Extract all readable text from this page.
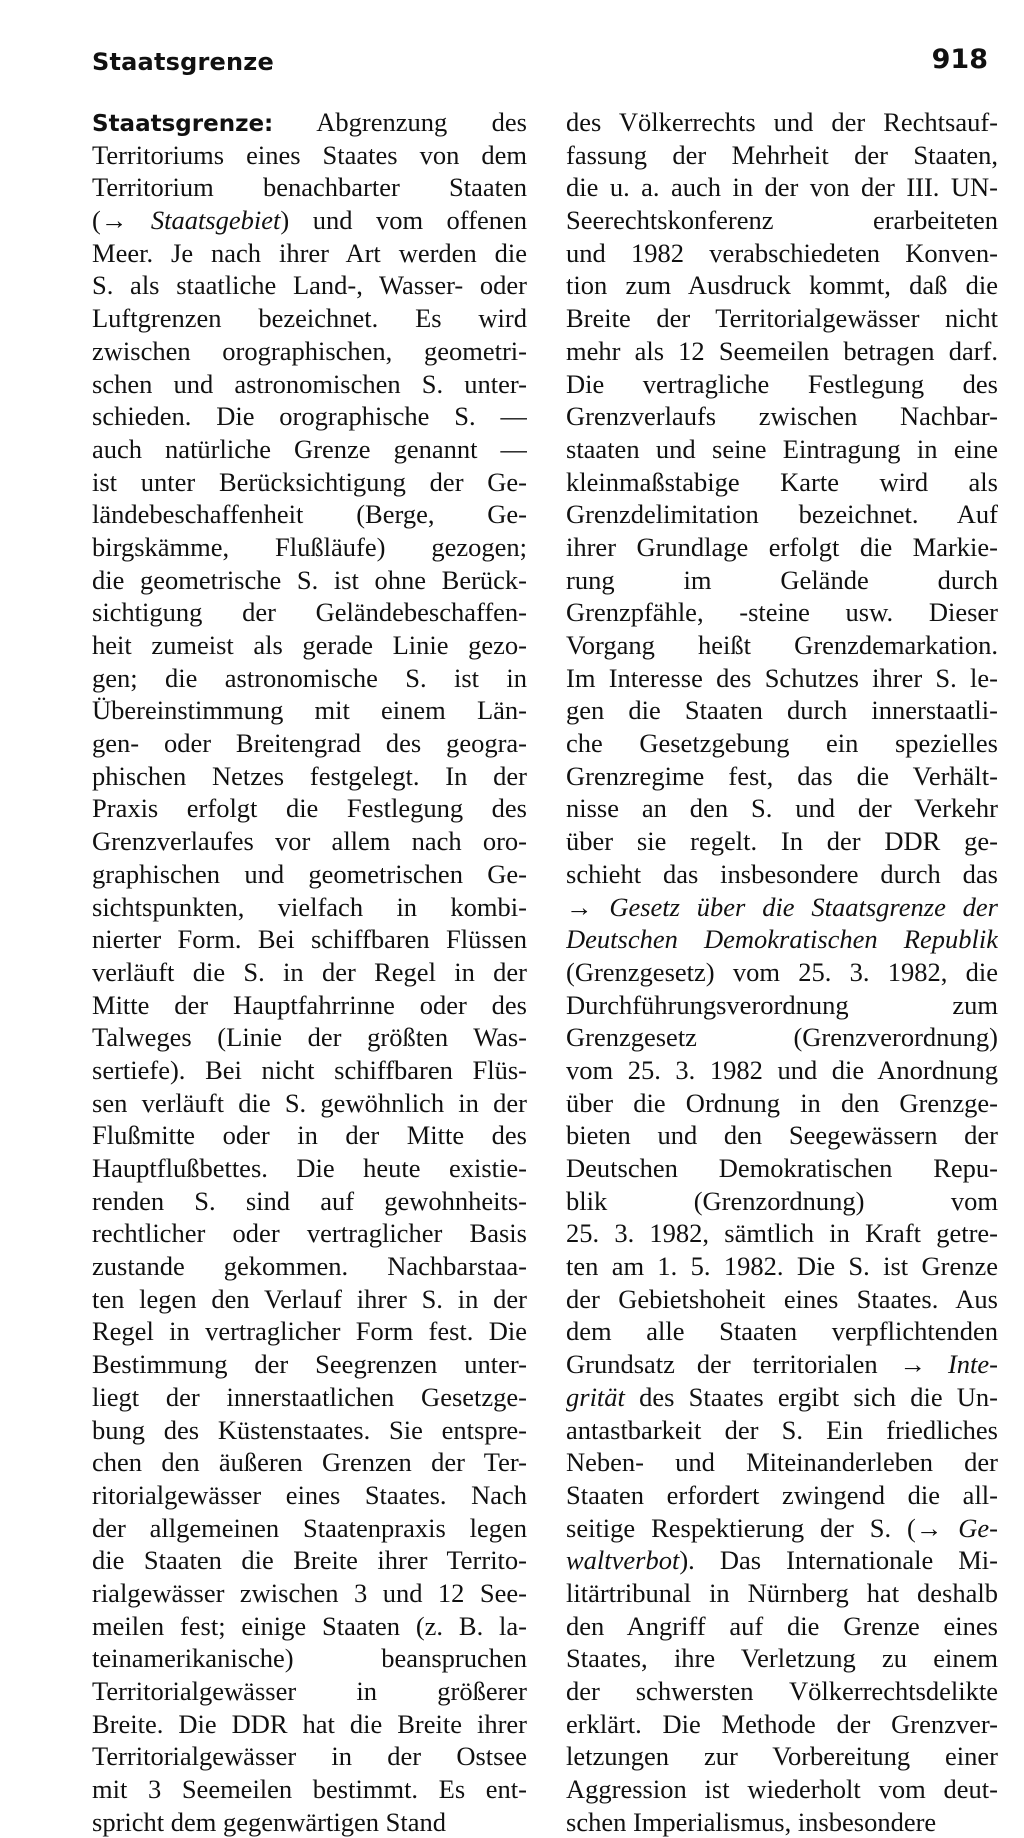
Staatsgrenze	918
Staatsgrenze: Abgrenzung des
Territoriums eines Staates von dem
Territorium benachbarter Staaten
(→ Staatsgebiet) und vom offenen
Meer. Je nach ihrer Art werden die
S. als staatliche Land-, Wasser- oder
Luftgrenzen bezeichnet. Es wird
zwischen orographischen, geometri-
schen und astronomischen S. unter-
schieden. Die orographische S. —
auch natürliche Grenze genannt —
ist unter Berücksichtigung der Ge-
ländebeschaffenheit (Berge, Ge-
birgskämme, Flußläufe) gezogen;
die geometrische S. ist ohne Berück-
sichtigung der Geländebeschaffen-
heit zumeist als gerade Linie gezo-
gen; die astronomische S. ist in
Übereinstimmung mit einem Län-
gen- oder Breitengrad des geogra-
phischen Netzes festgelegt. In der
Praxis erfolgt die Festlegung des
Grenzverlaufes vor allem nach oro-
graphischen und geometrischen Ge-
sichtspunkten, vielfach in kombi-
nierter Form. Bei schiffbaren Flüssen
verläuft die S. in der Regel in der
Mitte der Hauptfahrrinne oder des
Talweges (Linie der größten Was-
sertiefe). Bei nicht schiffbaren Flüs-
sen verläuft die S. gewöhnlich in der
Flußmitte oder in der Mitte des
Hauptflußbettes. Die heute existie-
renden S. sind auf gewohnheits-
rechtlicher oder vertraglicher Basis
zustande gekommen. Nachbarstaa-
ten legen den Verlauf ihrer S. in der
Regel in vertraglicher Form fest. Die
Bestimmung der Seegrenzen unter-
liegt der innerstaatlichen Gesetzge-
bung des Küstenstaates. Sie entspre-
chen den äußeren Grenzen der Ter-
ritorialgewässer eines Staates. Nach
der allgemeinen Staatenpraxis legen
die Staaten die Breite ihrer Territo-
rialgewässer zwischen 3 und 12 See-
meilen fest; einige Staaten (z. B. la-
teinamerikanische) beanspruchen
Territorialgewässer in größerer
Breite. Die DDR hat die Breite ihrer
Territorialgewässer in der Ostsee
mit 3 Seemeilen bestimmt. Es ent-
spricht dem gegenwärtigen Stand
des Völkerrechts und der Rechtsauf-
fassung der Mehrheit der Staaten,
die u. a. auch in der von der III. UN-
Seerechtskonferenz erarbeiteten
und 1982 verabschiedeten Konven-
tion zum Ausdruck kommt, daß die
Breite der Territorialgewässer nicht
mehr als 12 Seemeilen betragen darf.
Die vertragliche Festlegung des
Grenzverlaufs zwischen Nachbar-
staaten und seine Eintragung in eine
kleinmaßstabige Karte wird als
Grenzdelimitation bezeichnet. Auf
ihrer Grundlage erfolgt die Markie-
rung im Gelände durch
Grenzpfähle, -steine usw. Dieser
Vorgang heißt Grenzdemarkation.
Im Interesse des Schutzes ihrer S. le-
gen die Staaten durch innerstaatli-
che Gesetzgebung ein spezielles
Grenzregime fest, das die Verhält-
nisse an den S. und der Verkehr
über sie regelt. In der DDR ge-
schieht das insbesondere durch das
→ Gesetz über die Staatsgrenze der
Deutschen Demokratischen Republik
(Grenzgesetz) vom 25. 3. 1982, die
Durchführungsverordnung zum
Grenzgesetz (Grenzverordnung)
vom 25. 3. 1982 und die Anordnung
über die Ordnung in den Grenzge-
bieten und den Seegewässern der
Deutschen Demokratischen Repu-
blik (Grenzordnung) vom
25. 3. 1982, sämtlich in Kraft getre-
ten am 1. 5. 1982. Die S. ist Grenze
der Gebietshoheit eines Staates. Aus
dem alle Staaten verpflichtenden
Grundsatz der territorialen → Inte-
grität des Staates ergibt sich die Un-
antastbarkeit der S. Ein friedliches
Neben- und Miteinanderleben der
Staaten erfordert zwingend die all-
seitige Respektierung der S. (→ Ge-
waltverbot). Das Internationale Mi-
litärtribunal in Nürnberg hat deshalb
den Angriff auf die Grenze eines
Staates, ihre Verletzung zu einem
der schwersten Völkerrechtsdelikte
erklärt. Die Methode der Grenzver-
letzungen zur Vorbereitung einer
Aggression ist wiederholt vom deut-
schen Imperialismus, insbesondere
